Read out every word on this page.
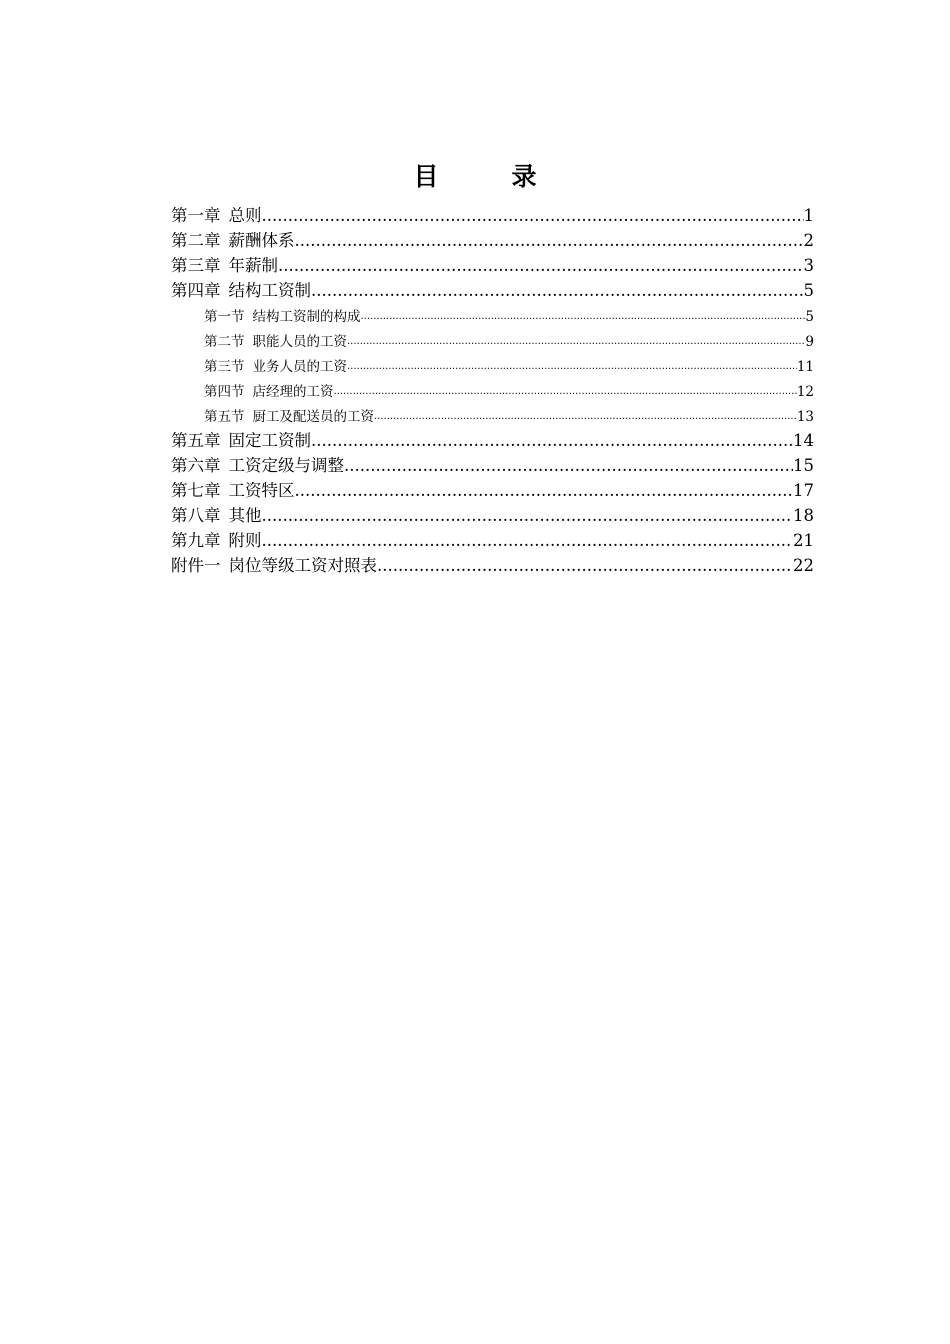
目　录
第一章 总则 .....	1
第二章 薪酬体系 .....	2
第三章 年薪制 .....	3
第四章 结构工资制 .....	5
第一节 结构工资制的构成 .....	5
第二节 职能人员的工资 .....	9
第三节 业务人员的工资 .....	11
第四节 店经理的工资 .....	12
第五节 厨工及配送员的工资 .....	13
第五章 固定工资制 .....	14
第六章 工资定级与调整 .....	15
第七章 工资特区 .....	17
第八章 其他 .....	18
第九章 附则 .....	21
附件一 岗位等级工资对照表 .....	22
